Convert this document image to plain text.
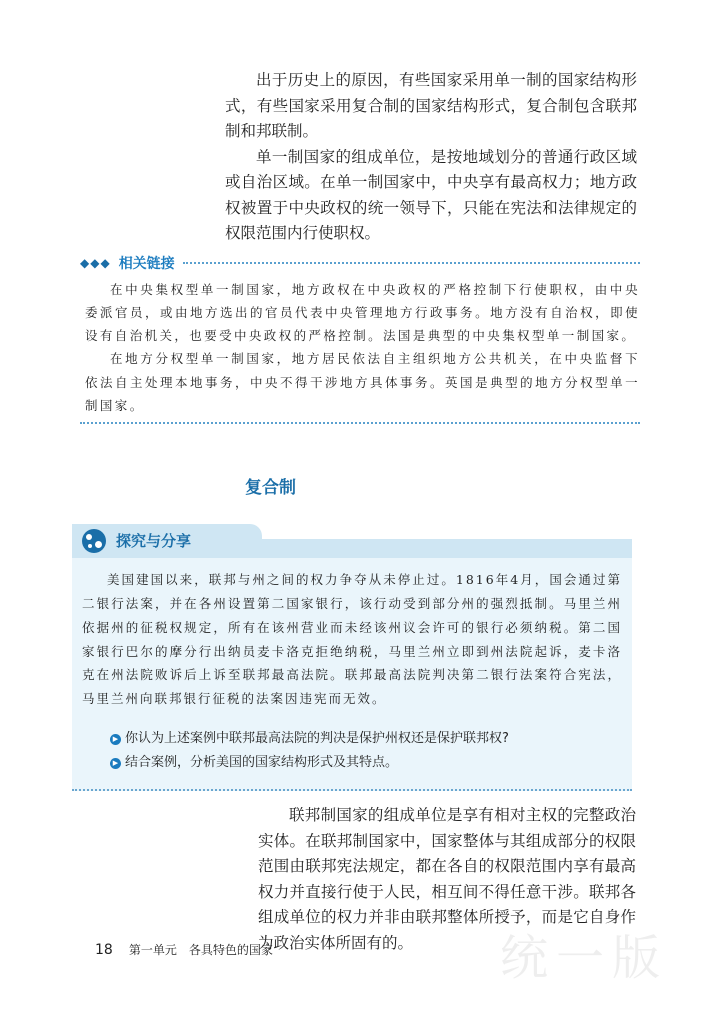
出于历史上的原因，有些国家采用单一制的国家结构形式，有些国家采用复合制的国家结构形式，复合制包含联邦制和邦联制。

单一制国家的组成单位，是按地域划分的普通行政区域或自治区域。在单一制国家中，中央享有最高权力；地方政权被置于中央政权的统一领导下，只能在宪法和法律规定的权限范围内行使职权。

◆◆◆ 相关链接

在中央集权型单一制国家，地方政权在中央政权的严格控制下行使职权，由中央委派官员，或由地方选出的官员代表中央管理地方行政事务。地方没有自治权，即使设有自治机关，也要受中央政权的严格控制。法国是典型的中央集权型单一制国家。

在地方分权型单一制国家，地方居民依法自主组织地方公共机关，在中央监督下依法自主处理本地事务，中央不得干涉地方具体事务。英国是典型的地方分权型单一制国家。

复合制
探究与分享

美国建国以来，联邦与州之间的权力争夺从未停止过。1816年4月，国会通过第二银行法案，并在各州设置第二国家银行，该行动受到部分州的强烈抵制。马里兰州依据州的征税权规定，所有在该州营业而未经该州议会许可的银行必须纳税。第二国家银行巴尔的摩分行出纳员麦卡洛克拒绝纳税，马里兰州立即到州法院起诉，麦卡洛克在州法院败诉后上诉至联邦最高法院。联邦最高法院判决第二银行法案符合宪法，马里兰州向联邦银行征税的法案因违宪而无效。

▶ 你认为上述案例中联邦最高法院的判决是保护州权还是保护联邦权?
▶ 结合案例，分析美国的国家结构形式及其特点。

联邦制国家的组成单位是享有相对主权的完整政治实体。在联邦制国家中，国家整体与其组成部分的权限范围由联邦宪法规定，都在各自的权限范围内享有最高权力并直接行使于人民，相互间不得任意干涉。联邦各组成单位的权力并非由联邦整体所授予，而是它自身作为政治实体所固有的。

18 第一单元　各具特色的国家	统一版
